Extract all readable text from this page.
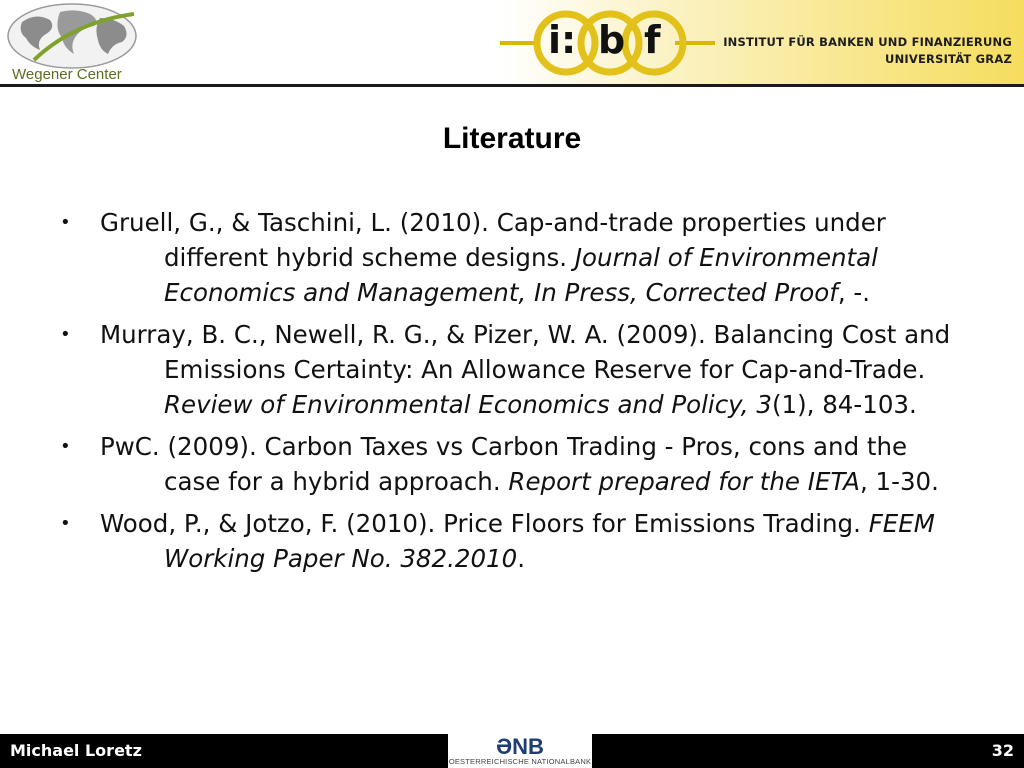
Wegener Center
i: b f	INSTITUT FÜR BANKEN UND FINANZIERUNG
UNIVERSITÄT GRAZ
Literature
• Gruell, G., & Taschini, L. (2010). Cap-and-trade properties under different hybrid scheme designs. Journal of Environmental Economics and Management, In Press, Corrected Proof, -.
• Murray, B. C., Newell, R. G., & Pizer, W. A. (2009). Balancing Cost and Emissions Certainty: An Allowance Reserve for Cap-and-Trade. Review of Environmental Economics and Policy, 3(1), 84-103.
• PwC. (2009). Carbon Taxes vs Carbon Trading - Pros, cons and the case for a hybrid approach. Report prepared for the IETA, 1-30.
• Wood, P., & Jotzo, F. (2010). Price Floors for Emissions Trading. FEEM Working Paper No. 382.2010.
Michael Loretz	ƏNB
OESTERREICHISCHE NATIONALBANK
32
